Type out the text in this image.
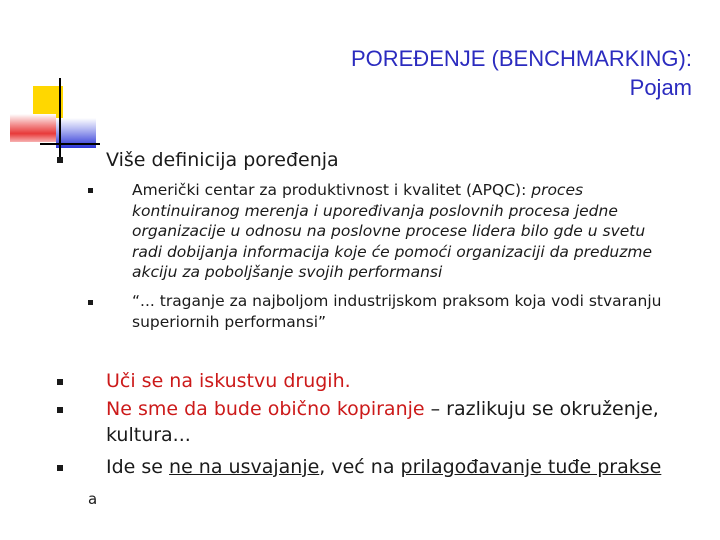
POREĐENJE (BENCHMARKING):
Pojam
Više definicija poređenja
Američki centar za produktivnost i kvalitet (APQC): proces
kontinuiranog merenja i upoređivanja poslovnih procesa jedne
organizacije u odnosu na poslovne procese lidera bilo gde u svetu
radi dobijanja informacija koje će pomoći organizaciji da preduzme
akciju za poboljšanje svojih performansi
“... traganje za najboljom industrijskom praksom koja vodi stvaranju
superiornih performansi”
Uči se na iskustvu drugih.
Ne sme da bude obično kopiranje – razlikuju se okruženje,
kultura...
Ide se ne na usvajanje, već na prilagođavanje tuđe prakse
a
